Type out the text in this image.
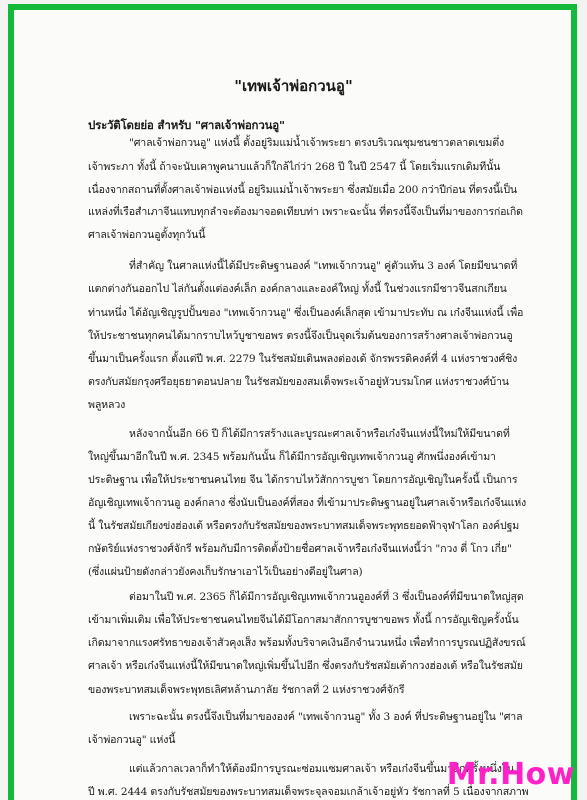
"เทพเจ้าพ่อกวนอู"
ประวัติโดยย่อ สำหรับ "ศาลเจ้าพ่อกวนอู"
"ศาลเจ้าพ่อกวนอู" แห่งนี้ ตั้งอยู่ริมแม่น้ำเจ้าพระยา ตรงบริเวณชุมชนชาวตลาดเขมตึ่ง
เจ้าพระภา ทั้งนี้ ถ้าจะนับเคาพูคนาบแล้วก็ใกล้ไก่ว่า 268 ปี ในปี 2547 นี้ โดยเริ่มแรกเดิมทีนั้น
เนื่องจากสถานที่ตั้งศาลเจ้าพ่อแห่งนี้ อยู่ริมแม่น้ำเจ้าพระยา ซึ่งสมัยเมื่อ 200 กว่าปีก่อน ที่ตรงนี้เป็น
แหล่งที่เรือสำเภาจีนแทบทุกลำจะต้องมาจอดเทียบท่า เพราะฉะนั้น ที่ตรงนี้จึงเป็นที่มาของการก่อเกิด
ศาลเจ้าพ่อกวนอูตั้งทุกวันนี้
ที่สำคัญ ในศาลแห่งนี้ได้มีประดิษฐานองค์ "เทพเจ้ากวนอู" คู่ตัวแท้น 3 องค์ โดยมีขนาดที่
แตกต่างกันออกไป ไล่กันตั้งแต่องค์เล็ก องค์กลางและองค์ใหญ่ ทั้งนี้ ในช่วงแรกมีชาวจีนสกเกียน
ท่านหนึ่ง ได้อัญเชิญรูปปั้นของ "เทพเจ้ากวนอู" ซึ่งเป็นองค์เล็กสุด เข้ามาประทับ ณ เก๋งจีนแห่งนี้ เพื่อ
ให้ประชาชนทุกคนได้มากราบไหว้บูชาขอพร ตรงนี้จึงเป็นจุดเริ่มต้นของการสร้างศาลเจ้าพ่อกวนอู
ขึ้นมาเป็นครั้งแรก ตั้งแต่ปี พ.ศ. 2279 ในรัชสมัยเดินพลงต่องเด้ จักรพรรดิคงค์ที่ 4 แห่งราชวงศ์ชิง
ตรงกับสมัยกรุงศรีอยุธยาตอนปลาย ในรัชสมัยของสมเด็จพระเจ้าอยู่หัวบรมโกศ แห่งราชวงศ์บ้าน
พลูหลวง
หลังจากนั้นอีก 66 ปี ก็ได้มีการสร้างและบูรณะศาลเจ้าหรือเก๋งจีนแห่งนี้ใหม่ให้มีขนาดที่
ใหญ่ขึ้นมาอีกในปี พ.ศ. 2345 พร้อมกันนั้น ก็ได้มีการอัญเชิญเทพเจ้ากวนอู ศักพนึ่งองค์เข้ามา
ประดิษฐาน เพื่อให้ประชาชนคนไทย จีน ได้กราบไหว้สักการบูชา โดยการอัญเชิญในครั้งนี้ เป็นการ
อัญเชิญเทพเจ้ากวนอู องค์กลาง ซึ่งนับเป็นองค์ที่สอง ที่เข้ามาประดิษฐานอยู่ในศาลเจ้าหรือเก๋งจีนแห่ง
นี้ ในรัชสมัยเกียงข่งฮ่องเต้ หรือตรงกับรัชสมัยของพระบาทสมเด็จพระพุทธยอดฟ้าจุฬาโลก องค์ปฐม
กษัตริย์แห่งราชวงศ์จักรี พร้อมกับมีการติดตั้งป้ายชื่อศาลเจ้าหรือเก๋งจีนแห่งนี้ว่า "กวง ตี่ โกว เกี่ย"
(ซึ่งแผ่นป้ายดังกล่าวยังคงเก็บรักษาเอาไว้เป็นอย่างดีอยู่ในศาล)
ต่อมาในปี พ.ศ. 2365 ก็ได้มีการอัญเชิญเทพเจ้ากวนอูองค์ที่ 3 ซึ่งเป็นองค์ที่มีขนาดใหญ่สุด
เข้ามาเพิ่มเติม เพื่อให้ประชาชนคนไทยจีนได้มีโอกาสมาสักการบูชาขอพร ทั้งนี้ การอัญเชิญครั้งนั้น
เกิดมาจากแรงศรัทธาของเจ้าสัวคุงเส็ง พร้อมทั้งบริจาคเงินอีกจำนวนหนึ่ง เพื่อทำการบูรณปฏิสังขรณ์
ศาลเจ้า หรือเก๋งจีนแห่งนี้ให้มีขนาดใหญ่เพิ่มขึ้นไปอีก ซึ่งตรงกับรัชสมัยเต้ากวงฮ่องเต้ หรือในรัชสมัย
ของพระบาทสมเด็จพระพุทธเลิศหล้านภาลัย รัชกาลที่ 2 แห่งราชวงศ์จักรี
เพราะฉะนั้น ตรงนี้จึงเป็นที่มาขององค์ "เทพเจ้ากวนอู" ทั้ง 3 องค์ ที่ประดิษฐานอยู่ใน "ศาล
เจ้าพ่อกวนอู" แห่งนี้
แต่แล้วกาลเวลาก็ทำให้ต้องมีการบูรณะซ่อมแซมศาลเจ้า หรือเก๋งจีนขึ้นมาอีกครั้งหนึ่งใน
ปี พ.ศ. 2444 ตรงกับรัชสมัยของพระบาทสมเด็จพระจุลจอมเกล้าเจ้าอยู่หัว รัชกาลที่ 5 เนื่องจากสภาพ
Mr.How
